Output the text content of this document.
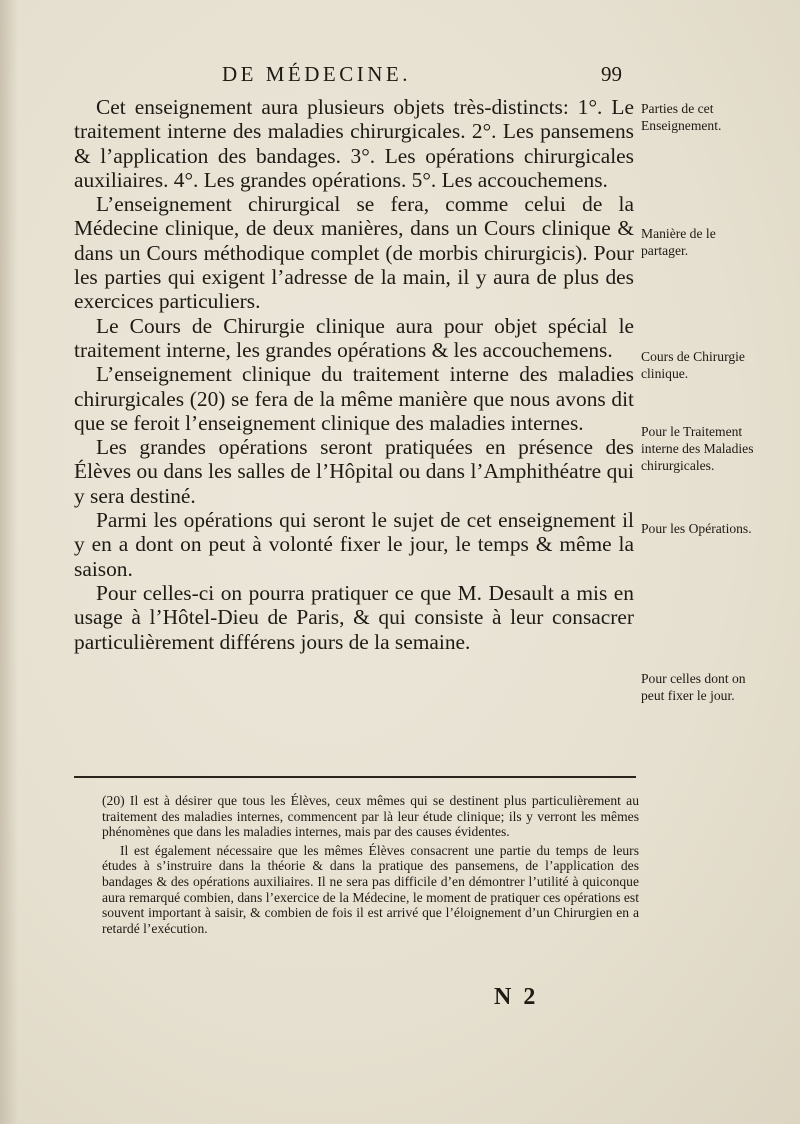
DE MÉDECINE.	99

Cet enseignement aura plusieurs objets très-distincts: 1°. Le traitement interne des maladies chirurgicales. 2°. Les pansemens & l’application des bandages. 3°. Les opérations chirurgicales auxiliaires. 4°. Les grandes opérations. 5°. Les accouchemens.

L’enseignement chirurgical se fera, comme celui de la Médecine clinique, de deux manières, dans un Cours clinique & dans un Cours méthodique complet (de morbis chirurgicis). Pour les parties qui exigent l’adresse de la main, il y aura de plus des exercices particuliers.

Le Cours de Chirurgie clinique aura pour objet spécial le traitement interne, les grandes opérations & les accouchemens.

L’enseignement clinique du traitement interne des maladies chirurgicales (20) se fera de la même manière que nous avons dit que se feroit l’enseignement clinique des maladies internes.

Les grandes opérations seront pratiquées en présence des Élèves ou dans les salles de l’Hôpital ou dans l’Amphithéatre qui y sera destiné.

Parmi les opérations qui seront le sujet de cet enseignement il y en a dont on peut à volonté fixer le jour, le temps & même la saison.

Pour celles-ci on pourra pratiquer ce que M. Desault a mis en usage à l’Hôtel-Dieu de Paris, & qui consiste à leur consacrer particulièrement différens jours de la semaine.

Parties de cet Enseignement.
Manière de le partager.
Cours de Chirurgie clinique.
Pour le Traitement interne des Maladies chirurgicales.
Pour les Opérations.
Pour celles dont on peut fixer le jour.

(20) Il est à désirer que tous les Élèves, ceux mêmes qui se destinent plus particulièrement au traitement des maladies internes, commencent par là leur étude clinique; ils y verront les mêmes phénomènes que dans les maladies internes, mais par des causes évidentes.

Il est également nécessaire que les mêmes Élèves consacrent une partie du temps de leurs études à s’instruire dans la théorie & dans la pratique des pansemens, de l’application des bandages & des opérations auxiliaires. Il ne sera pas difficile d’en démontrer l’utilité à quiconque aura remarqué combien, dans l’exercice de la Médecine, le moment de pratiquer ces opérations est souvent important à saisir, & combien de fois il est arrivé que l’éloignement d’un Chirurgien en a retardé l’exécution.

N 2
